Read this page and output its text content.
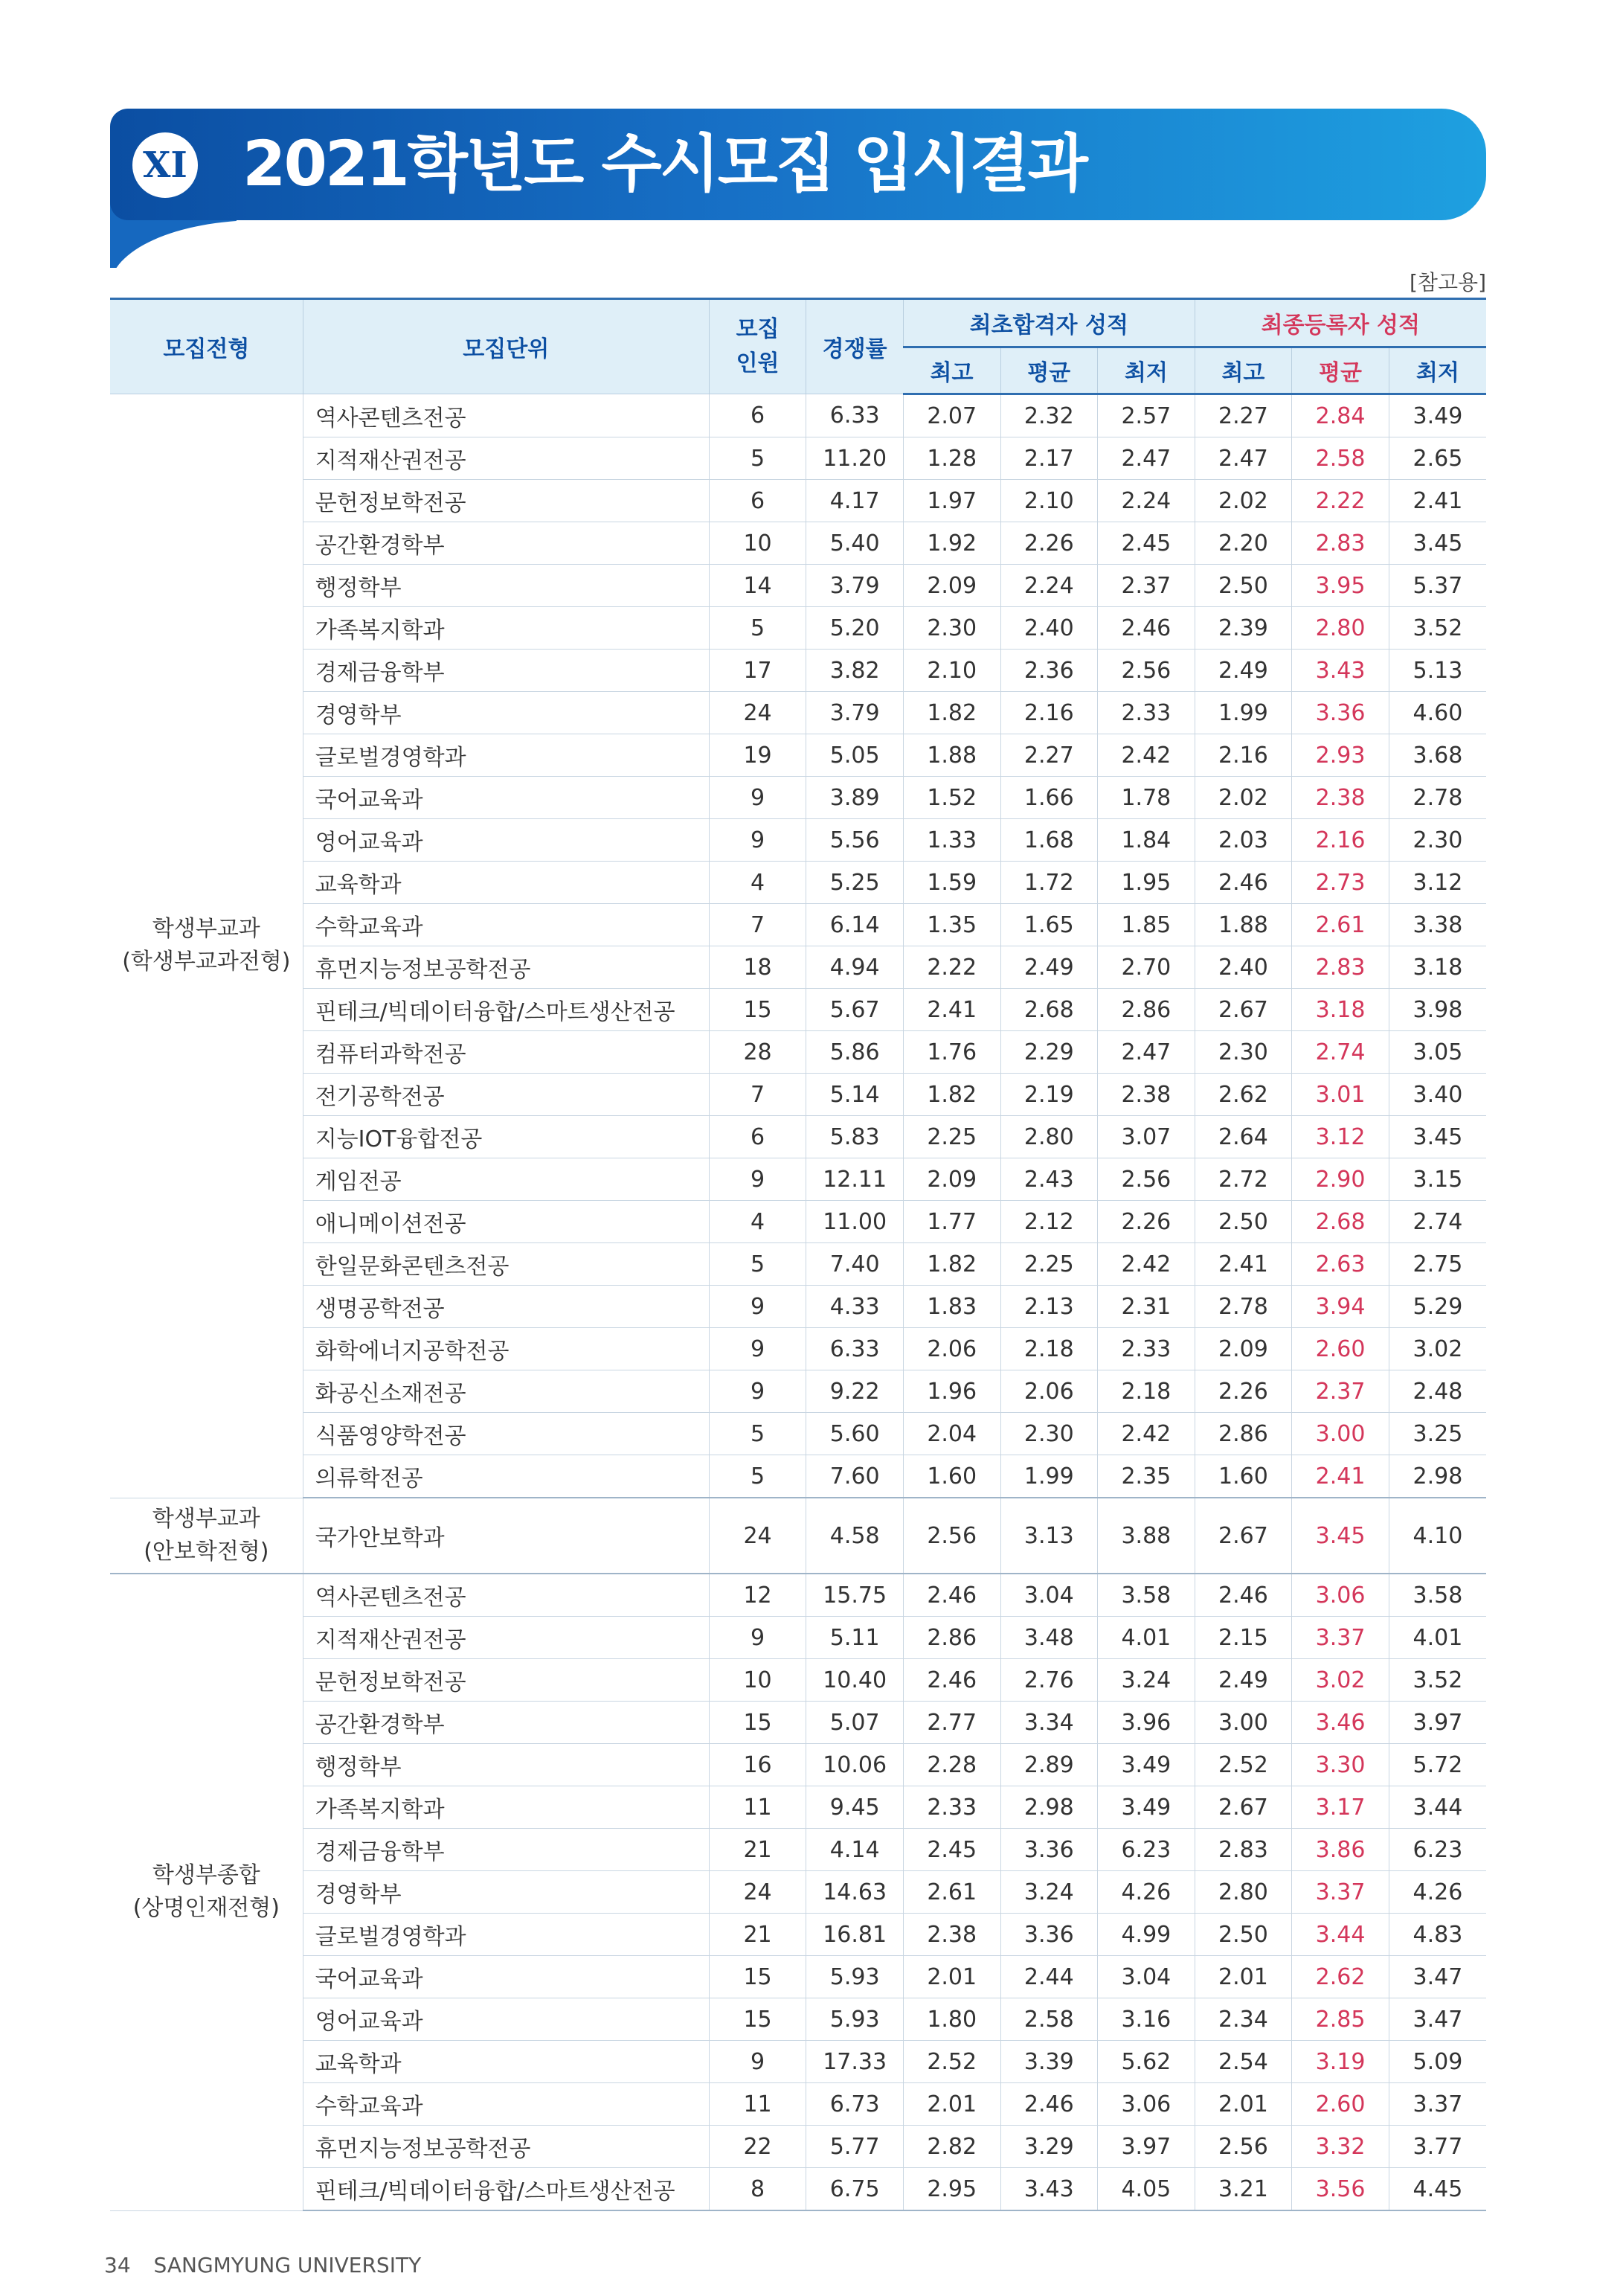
XI 2021학년도 수시모집 입시결과
[참고용]
모집전형	모집단위	모집 인원	경쟁률	최초합격자 성적			최종등록자 성적		
				최고	평균	최저	최고	평균	최저

학생부교과
(학생부교과전형)	역사콘텐츠전공	6	6.33	2.07	2.32	2.57	2.27	2.84	3.49
	지적재산권전공	5	11.20	1.28	2.17	2.47	2.47	2.58	2.65
	문헌정보학전공	6	4.17	1.97	2.10	2.24	2.02	2.22	2.41
	공간환경학부	10	5.40	1.92	2.26	2.45	2.20	2.83	3.45
	행정학부	14	3.79	2.09	2.24	2.37	2.50	3.95	5.37
	가족복지학과	5	5.20	2.30	2.40	2.46	2.39	2.80	3.52
	경제금융학부	17	3.82	2.10	2.36	2.56	2.49	3.43	5.13
	경영학부	24	3.79	1.82	2.16	2.33	1.99	3.36	4.60
	글로벌경영학과	19	5.05	1.88	2.27	2.42	2.16	2.93	3.68
	국어교육과	9	3.89	1.52	1.66	1.78	2.02	2.38	2.78
	영어교육과	9	5.56	1.33	1.68	1.84	2.03	2.16	2.30
	교육학과	4	5.25	1.59	1.72	1.95	2.46	2.73	3.12
	수학교육과	7	6.14	1.35	1.65	1.85	1.88	2.61	3.38
	휴먼지능정보공학전공	18	4.94	2.22	2.49	2.70	2.40	2.83	3.18
	핀테크/빅데이터융합/스마트생산전공	15	5.67	2.41	2.68	2.86	2.67	3.18	3.98
	컴퓨터과학전공	28	5.86	1.76	2.29	2.47	2.30	2.74	3.05
	전기공학전공	7	5.14	1.82	2.19	2.38	2.62	3.01	3.40
	지능IOT융합전공	6	5.83	2.25	2.80	3.07	2.64	3.12	3.45
	게임전공	9	12.11	2.09	2.43	2.56	2.72	2.90	3.15
	애니메이션전공	4	11.00	1.77	2.12	2.26	2.50	2.68	2.74
	한일문화콘텐츠전공	5	7.40	1.82	2.25	2.42	2.41	2.63	2.75
	생명공학전공	9	4.33	1.83	2.13	2.31	2.78	3.94	5.29
	화학에너지공학전공	9	6.33	2.06	2.18	2.33	2.09	2.60	3.02
	화공신소재전공	9	9.22	1.96	2.06	2.18	2.26	2.37	2.48
	식품영양학전공	5	5.60	2.04	2.30	2.42	2.86	3.00	3.25
	의류학전공	5	7.60	1.60	1.99	2.35	1.60	2.41	2.98

학생부교과
(안보학전형)	국가안보학과	24	4.58	2.56	3.13	3.88	2.67	3.45	4.10

학생부종합
(상명인재전형)	역사콘텐츠전공	12	15.75	2.46	3.04	3.58	2.46	3.06	3.58
	지적재산권전공	9	5.11	2.86	3.48	4.01	2.15	3.37	4.01
	문헌정보학전공	10	10.40	2.46	2.76	3.24	2.49	3.02	3.52
	공간환경학부	15	5.07	2.77	3.34	3.96	3.00	3.46	3.97
	행정학부	16	10.06	2.28	2.89	3.49	2.52	3.30	5.72
	가족복지학과	11	9.45	2.33	2.98	3.49	2.67	3.17	3.44
	경제금융학부	21	4.14	2.45	3.36	6.23	2.83	3.86	6.23
	경영학부	24	14.63	2.61	3.24	4.26	2.80	3.37	4.26
	글로벌경영학과	21	16.81	2.38	3.36	4.99	2.50	3.44	4.83
	국어교육과	15	5.93	2.01	2.44	3.04	2.01	2.62	3.47
	영어교육과	15	5.93	1.80	2.58	3.16	2.34	2.85	3.47
	교육학과	9	17.33	2.52	3.39	5.62	2.54	3.19	5.09
	수학교육과	11	6.73	2.01	2.46	3.06	2.01	2.60	3.37
	휴먼지능정보공학전공	22	5.77	2.82	3.29	3.97	2.56	3.32	3.77
	핀테크/빅데이터융합/스마트생산전공	8	6.75	2.95	3.43	4.05	3.21	3.56	4.45
34 SANGMYUNG UNIVERSITY
